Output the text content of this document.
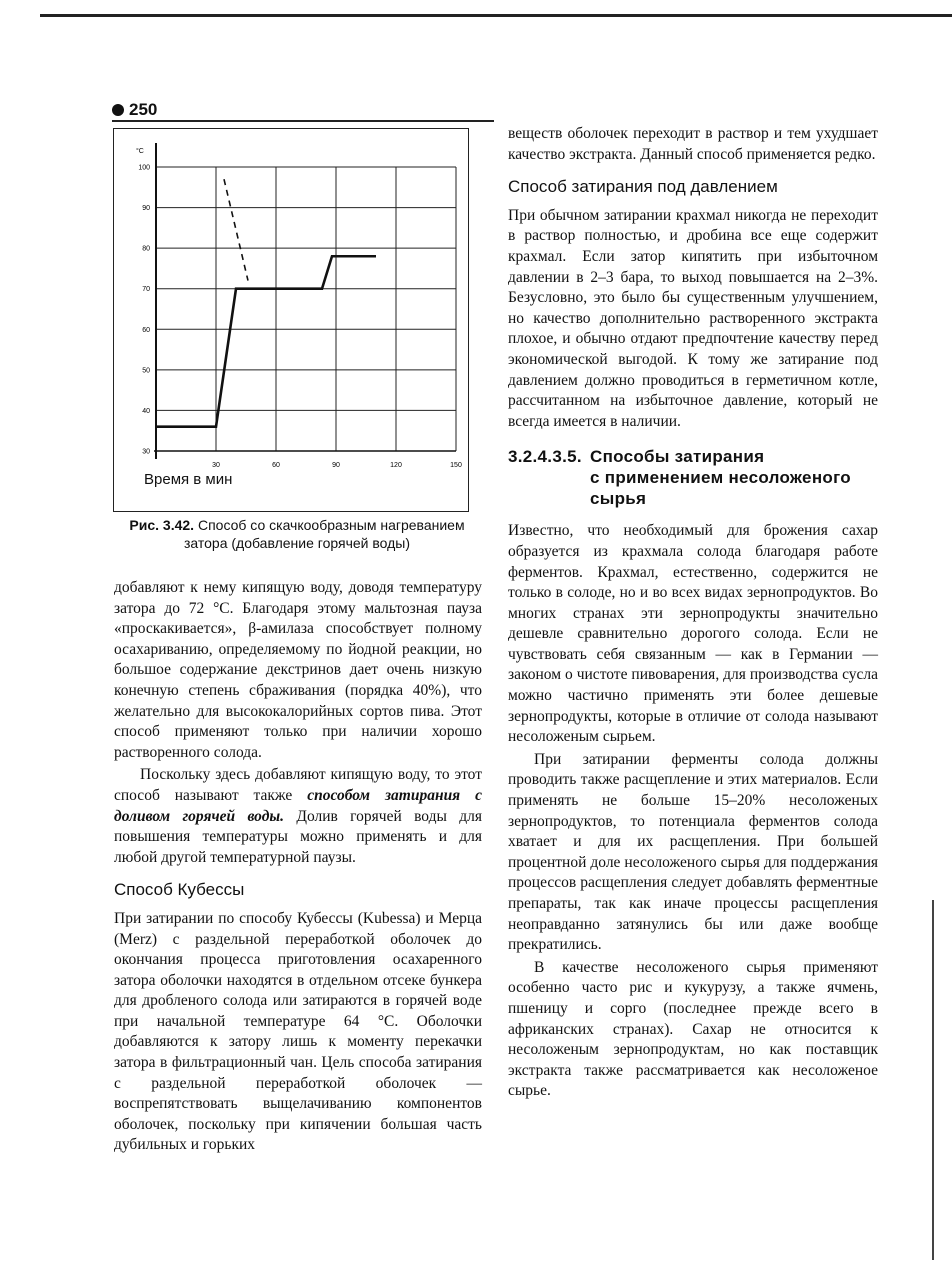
250
°С
30
40
50
60
70
80
90
100
30	60	90	120	150
Время в мин
Рис. 3.42. Способ со скачкообразным нагреванием затора (добавление горячей воды)

добавляют к нему кипящую воду, доводя температуру затора до 72 °С. Благодаря этому мальтозная пауза «проскакивается», β-амилаза способствует полному осахариванию, определяемому по йодной реакции, но большое содержание декстринов дает очень низкую конечную степень сбраживания (порядка 40%), что желательно для высококалорийных сортов пива. Этот способ применяют только при наличии хорошо растворенного солода.

Поскольку здесь добавляют кипящую воду, то этот способ называют также способом затирания с доливом горячей воды. Долив горячей воды для повышения температуры можно применять и для любой другой температурной паузы.

Способ Кубессы

При затирании по способу Кубессы (Kubessa) и Мерца (Merz) с раздельной переработкой оболочек до окончания процесса приготовления осахаренного затора оболочки находятся в отдельном отсеке бункера для дробленого солода или затираются в горячей воде при начальной температуре 64 °С. Оболочки добавляются к затору лишь к моменту перекачки затора в фильтрационный чан. Цель способа затирания с раздельной переработкой оболочек — воспрепятствовать выщелачиванию компонентов оболочек, поскольку при кипячении большая часть дубильных и горьких

веществ оболочек переходит в раствор и тем ухудшает качество экстракта. Данный способ применяется редко.

Способ затирания под давлением

При обычном затирании крахмал никогда не переходит в раствор полностью, и дробина все еще содержит крахмал. Если затор кипятить при избыточном давлении в 2–3 бара, то выход повышается на 2–3%. Безусловно, это было бы существенным улучшением, но качество дополнительно растворенного экстракта плохое, и обычно отдают предпочтение качеству перед экономической выгодой. К тому же затирание под давлением должно проводиться в герметичном котле, рассчитанном на избыточное давление, который не всегда имеется в наличии.

3.2.4.3.5. Способы затирания
с применением несоложеного сырья

Известно, что необходимый для брожения сахар образуется из крахмала солода благодаря работе ферментов. Крахмал, естественно, содержится не только в солоде, но и во всех видах зернопродуктов. Во многих странах эти зернопродукты значительно дешевле сравнительно дорогого солода. Если не чувствовать себя связанным — как в Германии — законом о чистоте пивоварения, для производства сусла можно частично применять эти более дешевые зернопродукты, которые в отличие от солода называют несоложеным сырьем.

При затирании ферменты солода должны проводить также расщепление и этих материалов. Если применять не больше 15–20% несоложеных зернопродуктов, то потенциала ферментов солода хватает и для их расщепления. При большей процентной доле несоложеного сырья для поддержания процессов расщепления следует добавлять ферментные препараты, так как иначе процессы расщепления неоправданно затянулись бы или даже вообще прекратились.

В качестве несоложеного сырья применяют особенно часто рис и кукурузу, а также ячмень, пшеницу и сорго (последнее прежде всего в африканских странах). Сахар не относится к несоложеным зернопродуктам, но как поставщик экстракта также рассматривается как несоложеное сырье.
